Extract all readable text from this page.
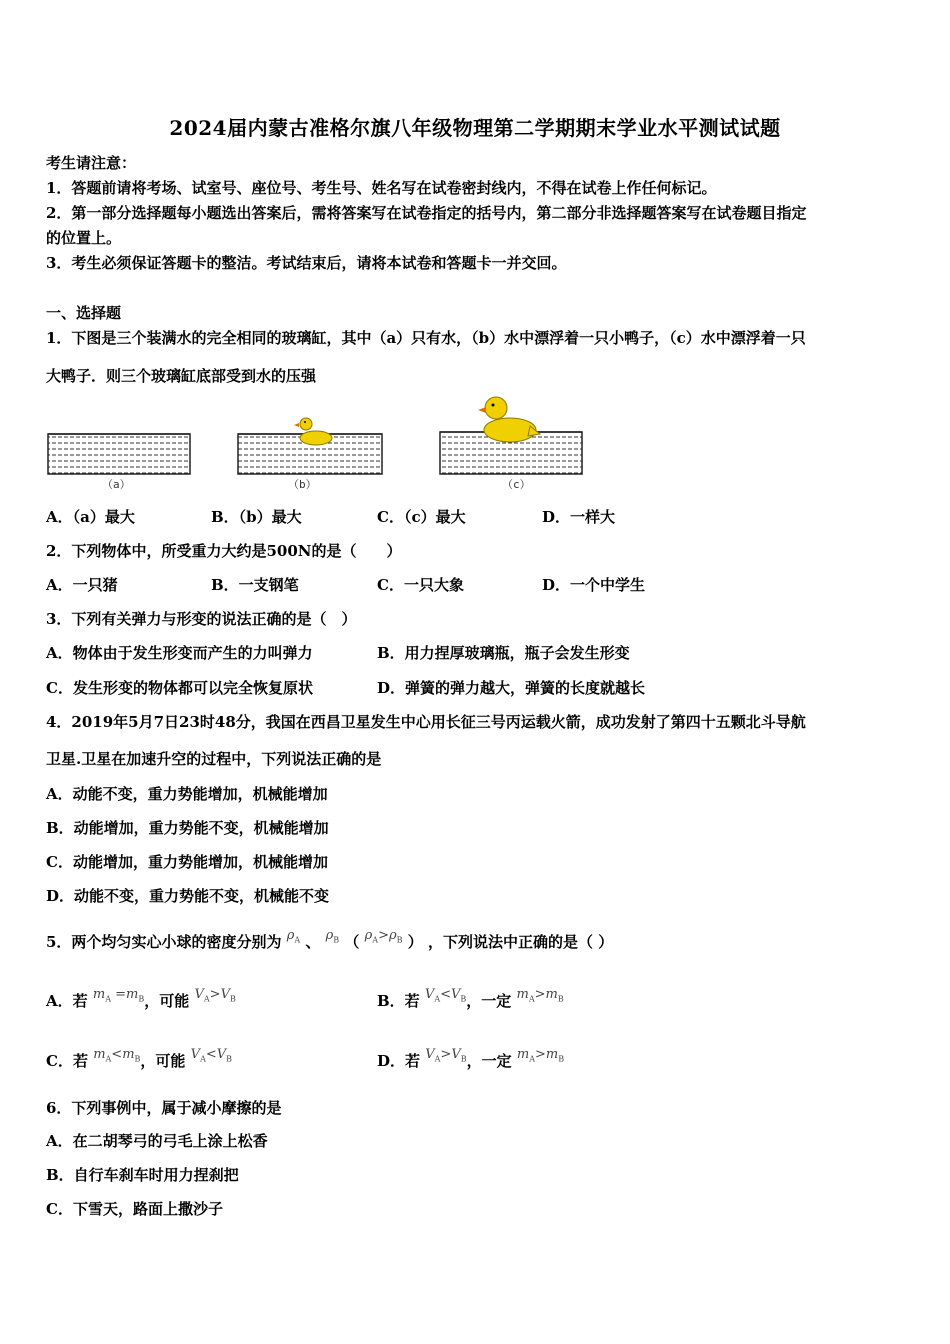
2024届内蒙古准格尔旗八年级物理第二学期期末学业水平测试试题
考生请注意：
1．答题前请将考场、试室号、座位号、考生号、姓名写在试卷密封线内，不得在试卷上作任何标记。
2．第一部分选择题每小题选出答案后，需将答案写在试卷指定的括号内，第二部分非选择题答案写在试卷题目指定
的位置上。
3．考生必须保证答题卡的整洁。考试结束后，请将本试卷和答题卡一并交回。
一、选择题
1．下图是三个装满水的完全相同的玻璃缸，其中（a）只有水，（b）水中漂浮着一只小鸭子，（c）水中漂浮着一只
大鸭子．则三个玻璃缸底部受到水的压强
（a）	（b）	（c）
A．（a）最大	B．（b）最大	C．（c）最大	D．一样大
2．下列物体中，所受重力大约是500N的是（　　）
A．一只猪	B．一支钢笔	C．一只大象	D．一个中学生
3．下列有关弹力与形变的说法正确的是（　）
A．物体由于发生形变而产生的力叫弹力	B．用力捏厚玻璃瓶，瓶子会发生形变
C．发生形变的物体都可以完全恢复原状	D．弹簧的弹力越大，弹簧的长度就越长
4．2019年5月7日23时48分，我国在西昌卫星发生中心用长征三号丙运载火箭，成功发射了第四十五颗北斗导航
卫星.卫星在加速升空的过程中，下列说法正确的是
A．动能不变，重力势能增加，机械能增加
B．动能增加，重力势能不变，机械能增加
C．动能增加，重力势能增加，机械能增加
D．动能不变，重力势能不变，机械能不变
5．两个均匀实心小球的密度分别为 $\rho_A$ 、 $\rho_B$ （ $\rho_A>\rho_B$ ） ，下列说法中正确的是（ ）
A．若 $m_A =m_B$，可能 $V_A>V_B$	B．若 $V_A<V_B$，一定 $m_A>m_B$
C．若 $m_A<m_B$，可能 $V_A<V_B$	D．若 $V_A>V_B$，一定 $m_A>m_B$
6．下列事例中，属于减小摩擦的是
A．在二胡琴弓的弓毛上涂上松香
B．自行车刹车时用力捏刹把
C．下雪天，路面上撒沙子
